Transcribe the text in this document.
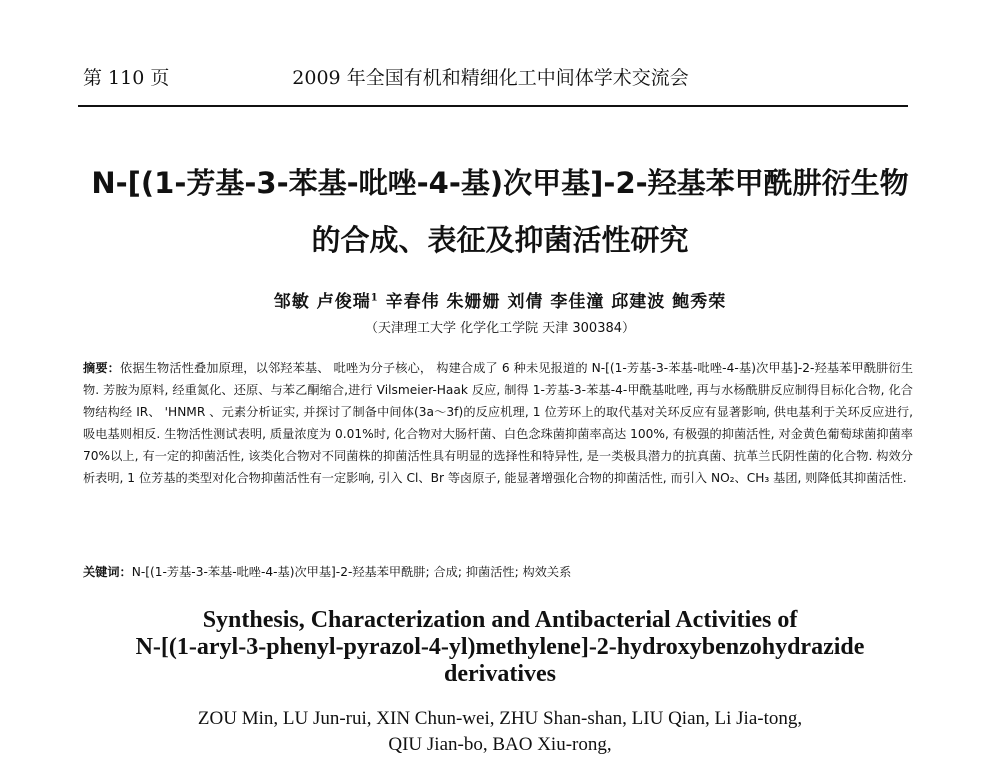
第 110 页	2009 年全国有机和精细化工中间体学术交流会
N-[(1-芳基-3-苯基-吡唑-4-基)次甲基]-2-羟基苯甲酰肼衍生物
的合成、表征及抑菌活性研究
邹敏 卢俊瑞$^1$ 辛春伟 朱姗姗 刘倩 李佳潼 邱建波 鲍秀荣
（天津理工大学 化学化工学院 天津 300384）
摘要：依据生物活性叠加原理，以邻羟苯基、 吡唑为分子核心， 构建合成了 6 种未见报道的 N-[(1-芳基-3-苯基-吡唑-4-基)次甲基]-2-羟基苯甲酰肼衍生物. 芳胺为原料, 经重氮化、还原、与苯乙酮缩合,进行 Vilsmeier-Haak 反应, 制得 1-芳基-3-苯基-4-甲酰基吡唑, 再与水杨酰肼反应制得目标化合物, 化合物结构经 IR、 'HNMR 、元素分析证实, 并探讨了制备中间体(3a～3f)的反应机理, 1 位芳环上的取代基对关环反应有显著影响, 供电基利于关环反应进行, 吸电基则相反. 生物活性测试表明, 质量浓度为 0.01%时, 化合物对大肠杆菌、白色念珠菌抑菌率高达 100%, 有极强的抑菌活性, 对金黄色葡萄球菌抑菌率 70%以上, 有一定的抑菌活性, 该类化合物对不同菌株的抑菌活性具有明显的选择性和特异性, 是一类极具潜力的抗真菌、抗革兰氏阴性菌的化合物. 构效分析表明, 1 位芳基的类型对化合物抑菌活性有一定影响, 引入 Cl、Br 等卤原子, 能显著增强化合物的抑菌活性, 而引入 NO₂、CH₃ 基团, 则降低其抑菌活性.
关键词：N-[(1-芳基-3-苯基-吡唑-4-基)次甲基]-2-羟基苯甲酰肼; 合成; 抑菌活性; 构效关系
Synthesis, Characterization and Antibacterial Activities of
N-[(1-aryl-3-phenyl-pyrazol-4-yl)methylene]-2-hydroxybenzohydrazide
derivatives
ZOU Min, LU Jun-rui, XIN Chun-wei, ZHU Shan-shan, LIU Qian, Li Jia-tong,
QIU Jian-bo, BAO Xiu-rong,
